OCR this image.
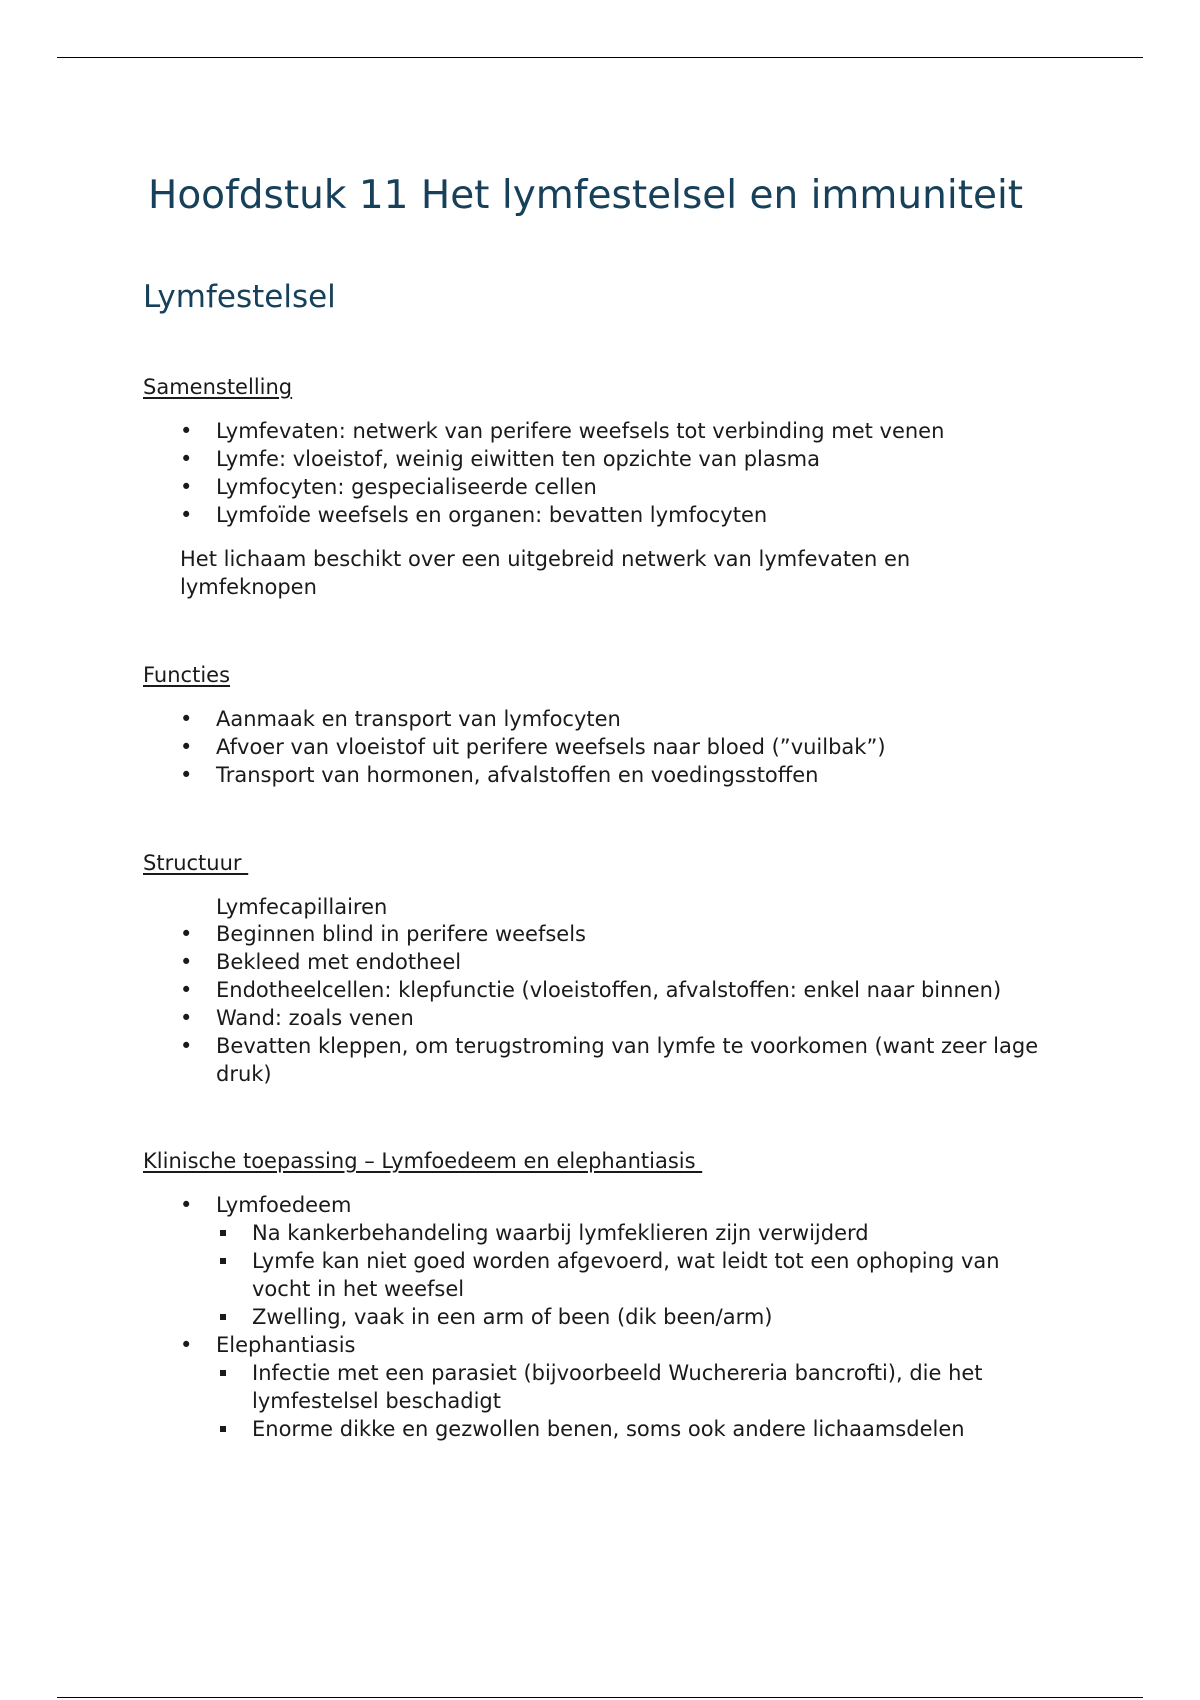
Hoofdstuk 11 Het lymfestelsel en immuniteit
Lymfestelsel
Samenstelling
• Lymfevaten: netwerk van perifere weefsels tot verbinding met venen
• Lymfe: vloeistof, weinig eiwitten ten opzichte van plasma
• Lymfocyten: gespecialiseerde cellen
• Lymfoïde weefsels en organen: bevatten lymfocyten

Het lichaam beschikt over een uitgebreid netwerk van lymfevaten en lymfeknopen

Functies
• Aanmaak en transport van lymfocyten
• Afvoer van vloeistof uit perifere weefsels naar bloed (”vuilbak”)
• Transport van hormonen, afvalstoffen en voedingsstoffen
Structuur

Lymfecapillairen

• Beginnen blind in perifere weefsels
• Bekleed met endotheel
• Endotheelcellen: klepfunctie (vloeistoffen, afvalstoffen: enkel naar binnen)
• Wand: zoals venen
• Bevatten kleppen, om terugstroming van lymfe te voorkomen (want zeer lage druk)
Klinische toepassing – Lymfoedeem en elephantiasis
• Lymfoedeem
Na kankerbehandeling waarbij lymfeklieren zijn verwijderd
Lymfe kan niet goed worden afgevoerd, wat leidt tot een ophoping van vocht in het weefsel
Zwelling, vaak in een arm of been (dik been/arm)
• Elephantiasis
Infectie met een parasiet (bijvoorbeeld Wuchereria bancrofti), die het lymfestelsel beschadigt
Enorme dikke en gezwollen benen, soms ook andere lichaamsdelen
